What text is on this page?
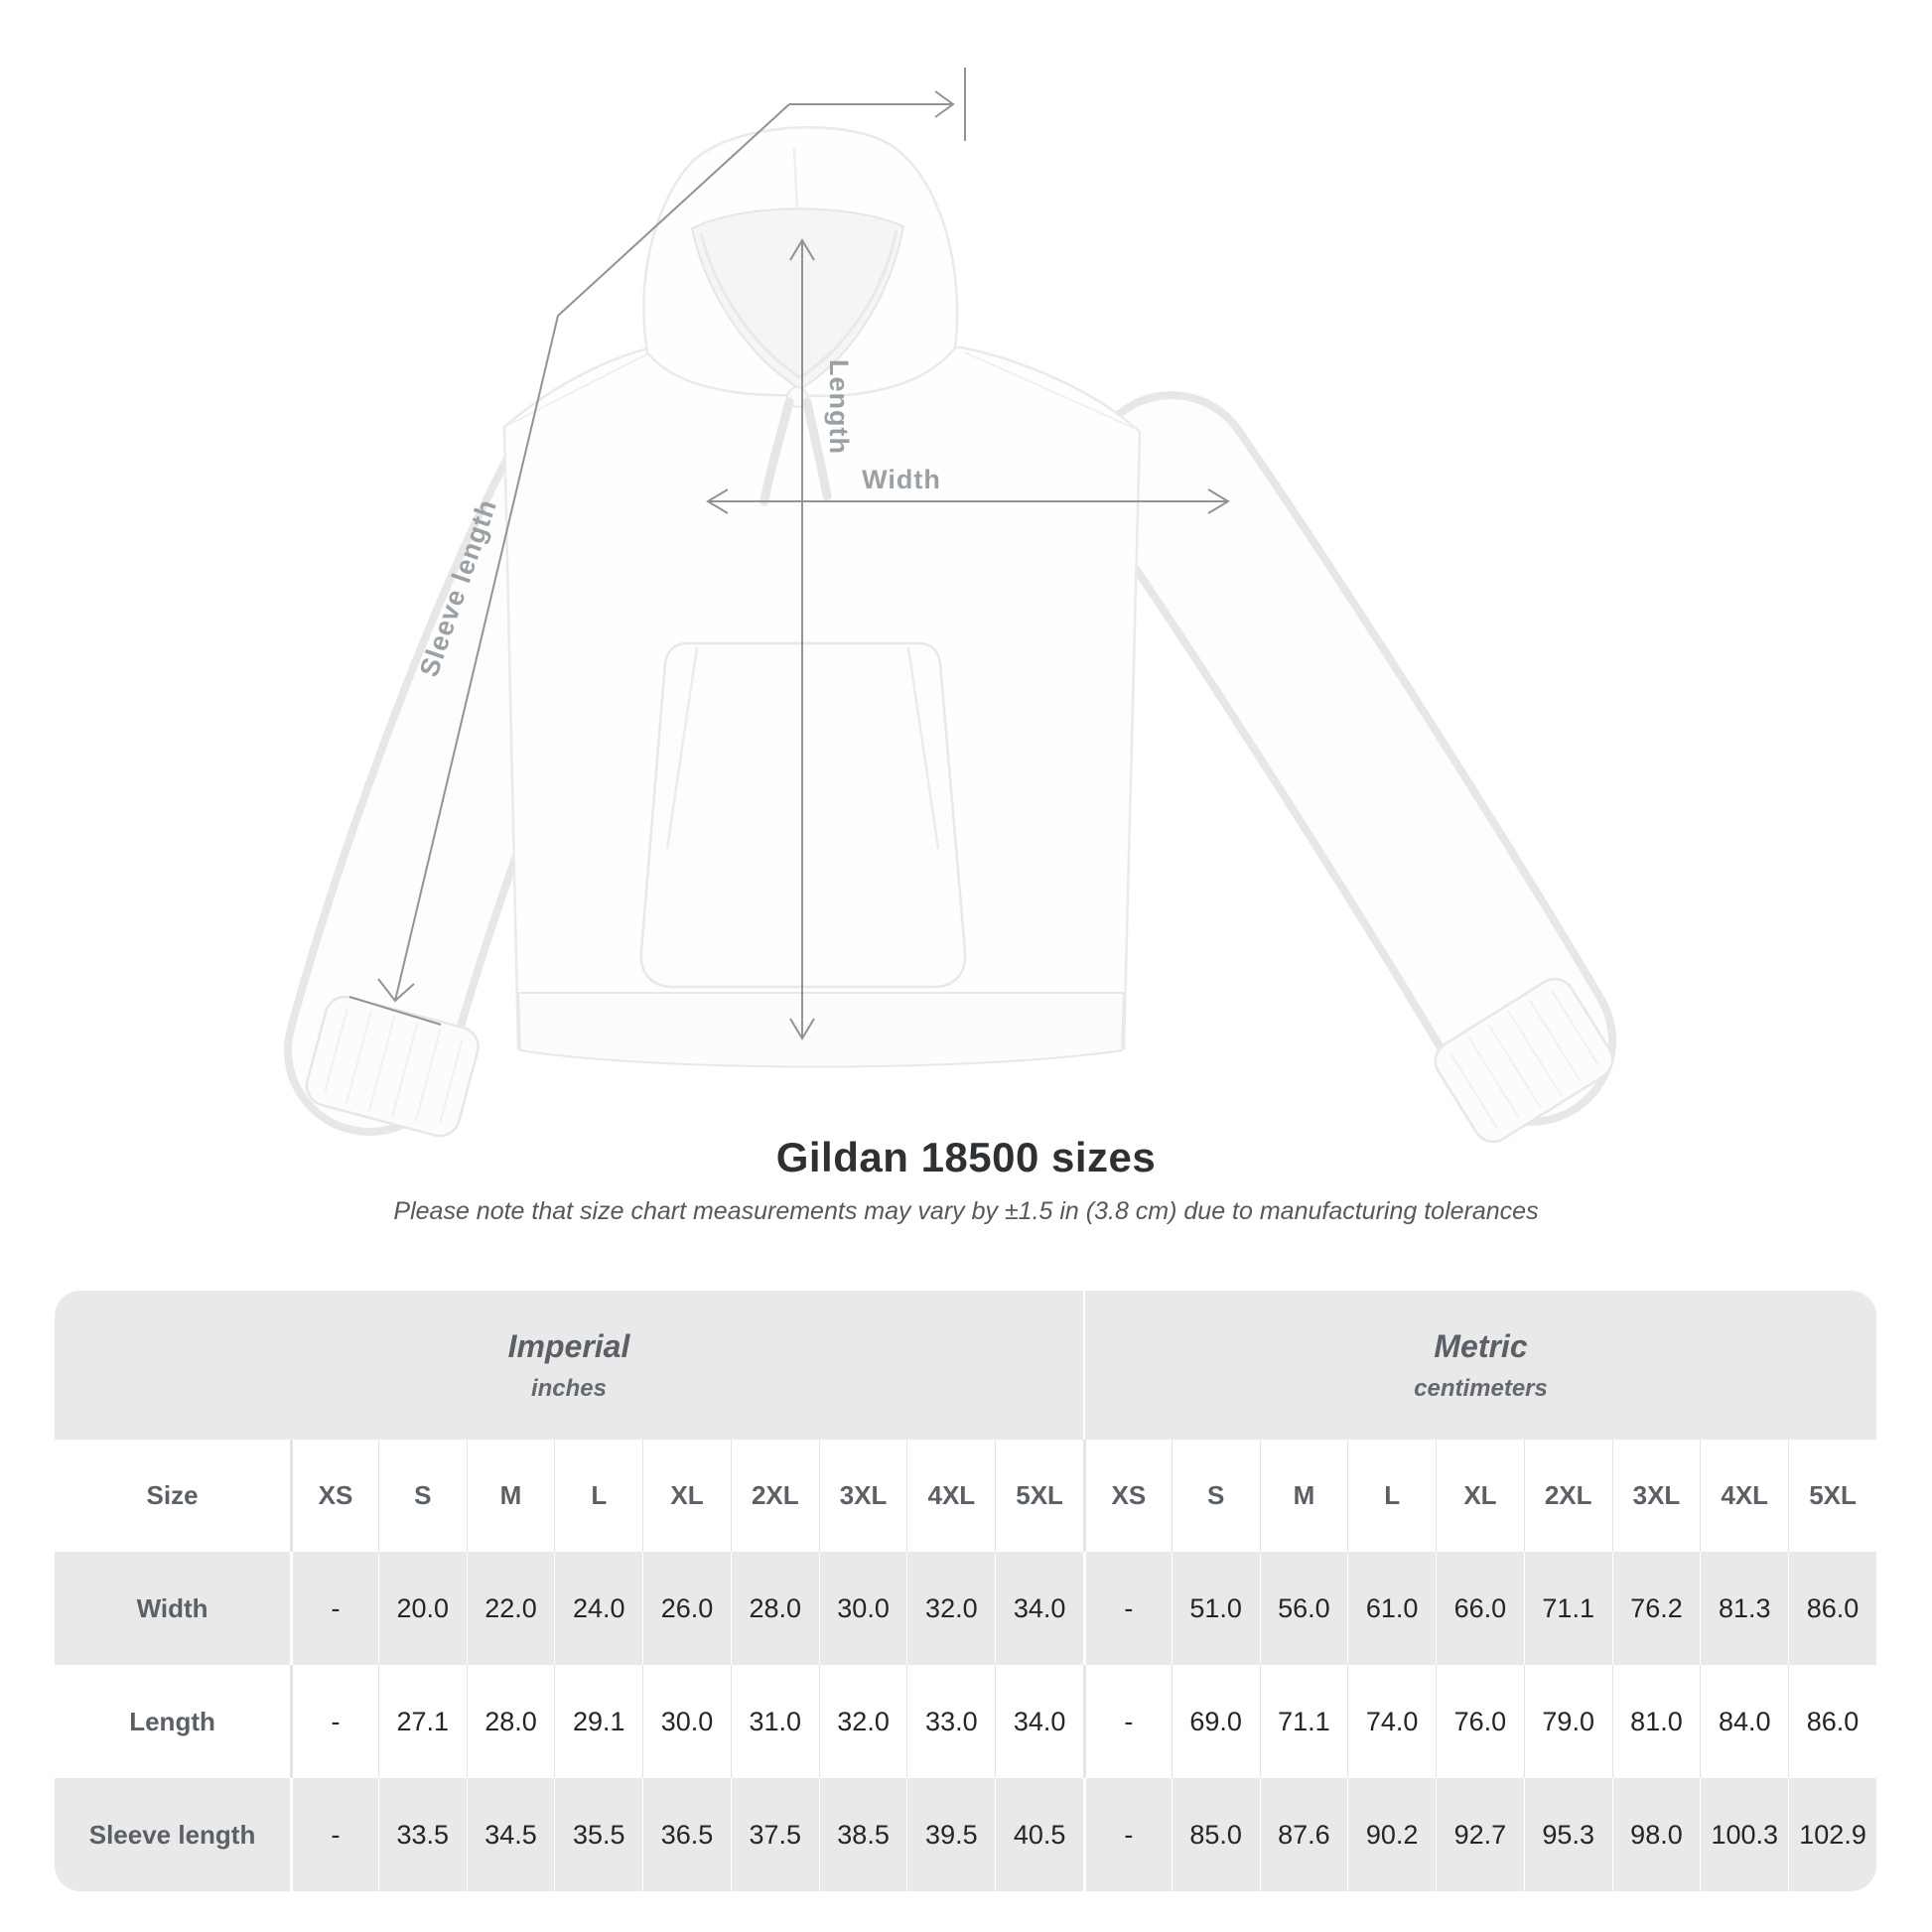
Length
Width
Sleeve length
Gildan 18500 sizes
Please note that size chart measurements may vary by ±1.5 in (3.8 cm) due to manufacturing tolerances
Imperial
inches

Metric
centimeters

Size	XS	S	M	L	XL	2XL	3XL	4XL	5XL	XS	S	M	L	XL	2XL	3XL	4XL	5XL
Width	-	20.0	22.0	24.0	26.0	28.0	30.0	32.0	34.0	-	51.0	56.0	61.0	66.0	71.1	76.2	81.3	86.0
Length	-	27.1	28.0	29.1	30.0	31.0	32.0	33.0	34.0	-	69.0	71.1	74.0	76.0	79.0	81.0	84.0	86.0
Sleeve length	-	33.5	34.5	35.5	36.5	37.5	38.5	39.5	40.5	-	85.0	87.6	90.2	92.7	95.3	98.0	100.3	102.9
